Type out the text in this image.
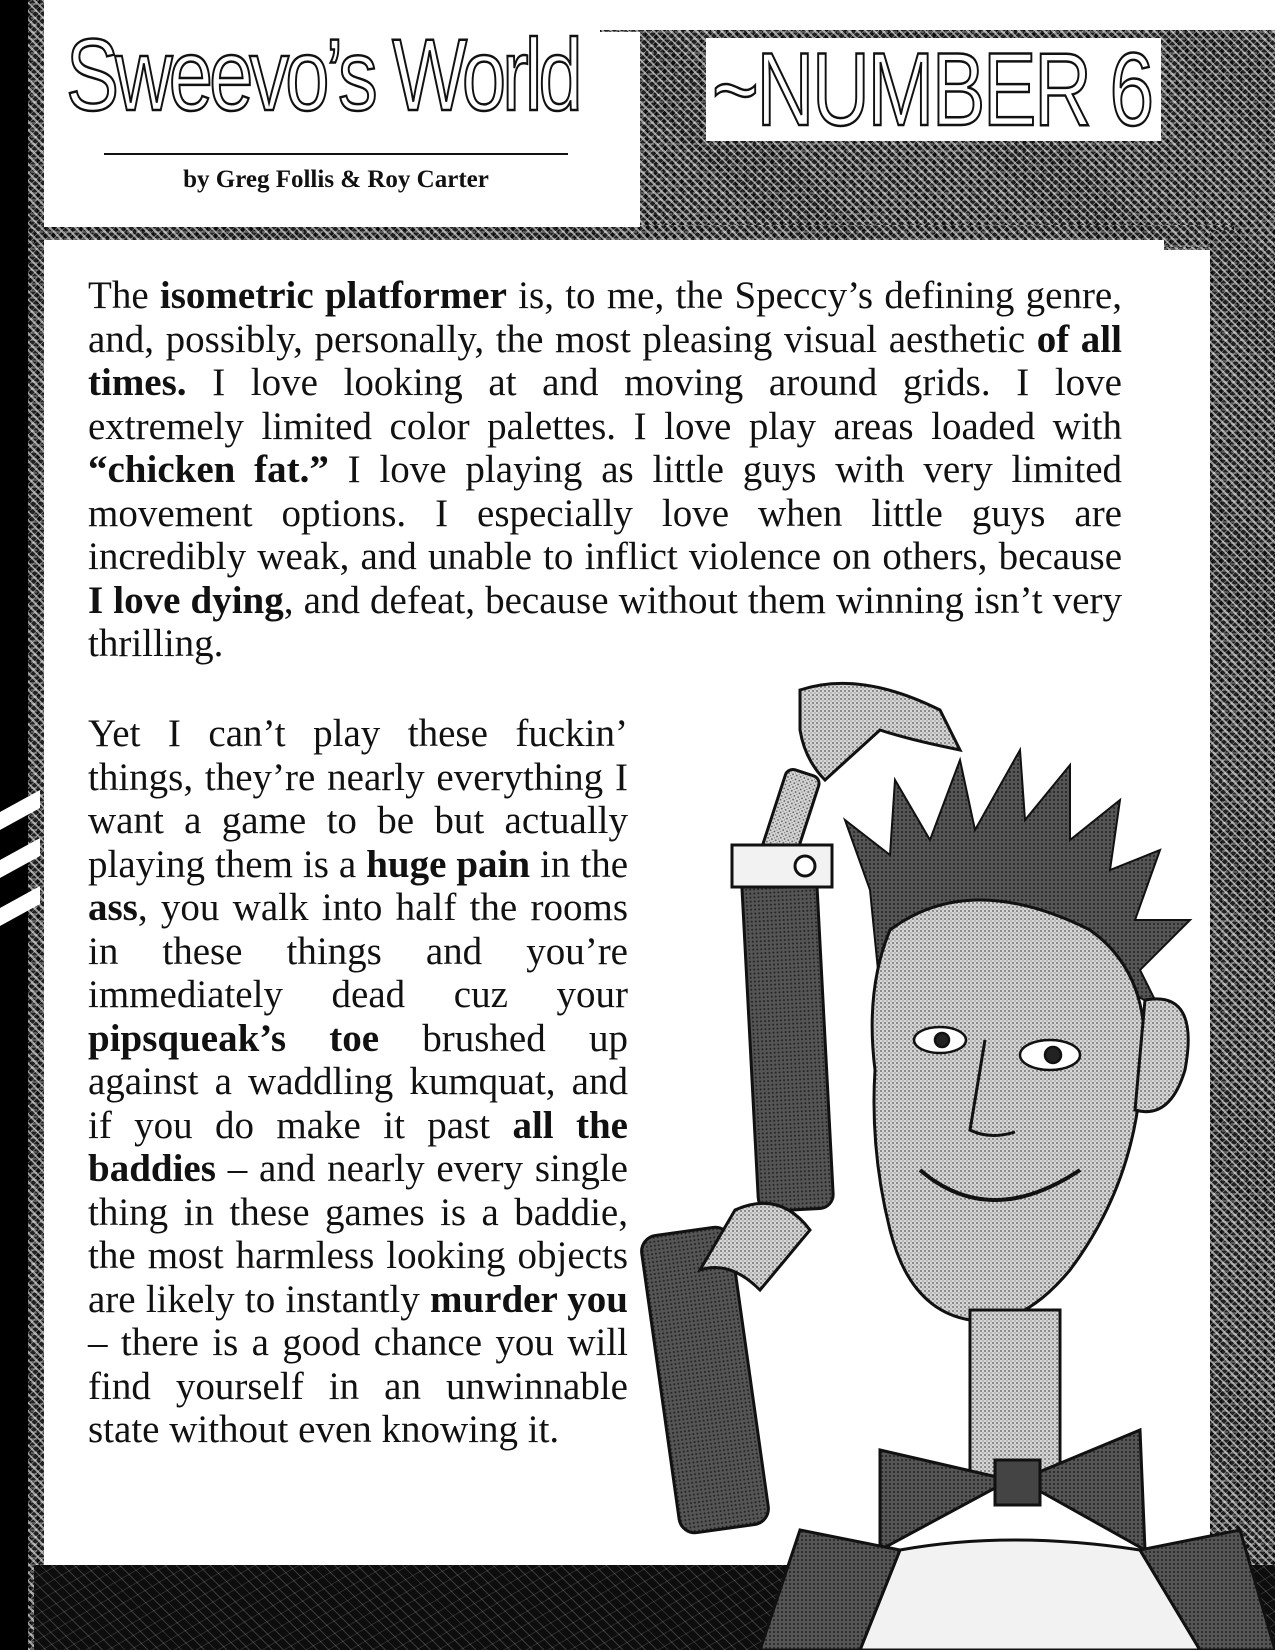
Sweevo’s World
by Greg Follis & Roy Carter
~NUMBER 6

The isometric platformer is, to me, the Speccy’s defining genre, and, possibly, personally, the most pleasing visual aesthetic of all times. I love looking at and moving around grids. I love extremely limited color palettes. I love play areas loaded with “chicken fat.” I love playing as little guys with very limited movement options. I especially love when little guys are incredibly weak, and unable to inflict violence on others, because I love dying, and defeat, because without them winning isn’t very thrilling.

Yet I can’t play these fuckin’ things, they’re nearly everything I want a game to be but actually playing them is a huge pain in the ass, you walk into half the rooms in these things and you’re immediately dead cuz your pipsqueak’s toe brushed up against a waddling kumquat, and if you do make it past all the baddies – and nearly every single thing in these games is a baddie, the most harmless looking objects are likely to instantly murder you – there is a good chance you will find yourself in an unwinnable state without even knowing it.
